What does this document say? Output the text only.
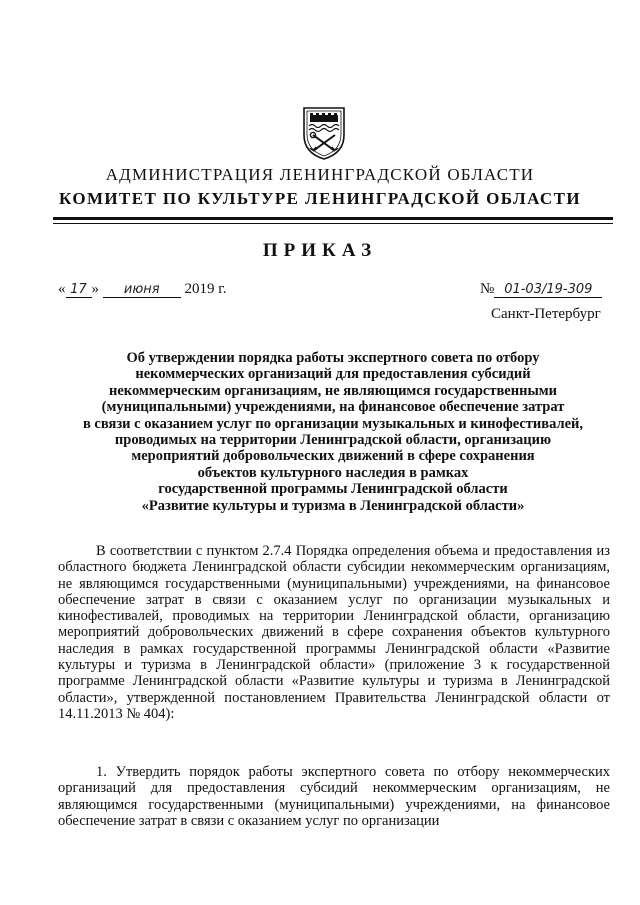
АДМИНИСТРАЦИЯ ЛЕНИНГРАДСКОЙ ОБЛАСТИ
КОМИТЕТ ПО КУЛЬТУРЕ ЛЕНИНГРАДСКОЙ ОБЛАСТИ
ПРИКАЗ
« 17 » июня 2019 г.	№ 01-03/19-309
Санкт-Петербург
Об утверждении порядка работы экспертного совета по отбору
некоммерческих организаций для предоставления субсидий
некоммерческим организациям, не являющимся государственными
(муниципальными) учреждениями, на финансовое обеспечение затрат
в связи с оказанием услуг по организации музыкальных и кинофестивалей,
проводимых на территории Ленинградской области, организацию
мероприятий добровольческих движений в сфере сохранения
объектов культурного наследия в рамках
государственной программы Ленинградской области
«Развитие культуры и туризма в Ленинградской области»

В соответствии с пунктом 2.7.4 Порядка определения объема и предоставления из областного бюджета Ленинградской области субсидии некоммерческим организациям, не являющимся государственными (муниципальными) учреждениями, на финансовое обеспечение затрат в связи с оказанием услуг по организации музыкальных и кинофестивалей, проводимых на территории Ленинградской области, организацию мероприятий добровольческих движений в сфере сохранения объектов культурного наследия в рамках государственной программы Ленинградской области «Развитие культуры и туризма в Ленинградской области» (приложение 3 к государственной программе Ленинградской области «Развитие культуры и туризма в Ленинградской области», утвержденной постановлением Правительства Ленинградской области от 14.11.2013 № 404):

1. Утвердить порядок работы экспертного совета по отбору некоммерческих организаций для предоставления субсидий некоммерческим организациям, не являющимся государственными (муниципальными) учреждениями, на финансовое обеспечение затрат в связи с оказанием услуг по организации
